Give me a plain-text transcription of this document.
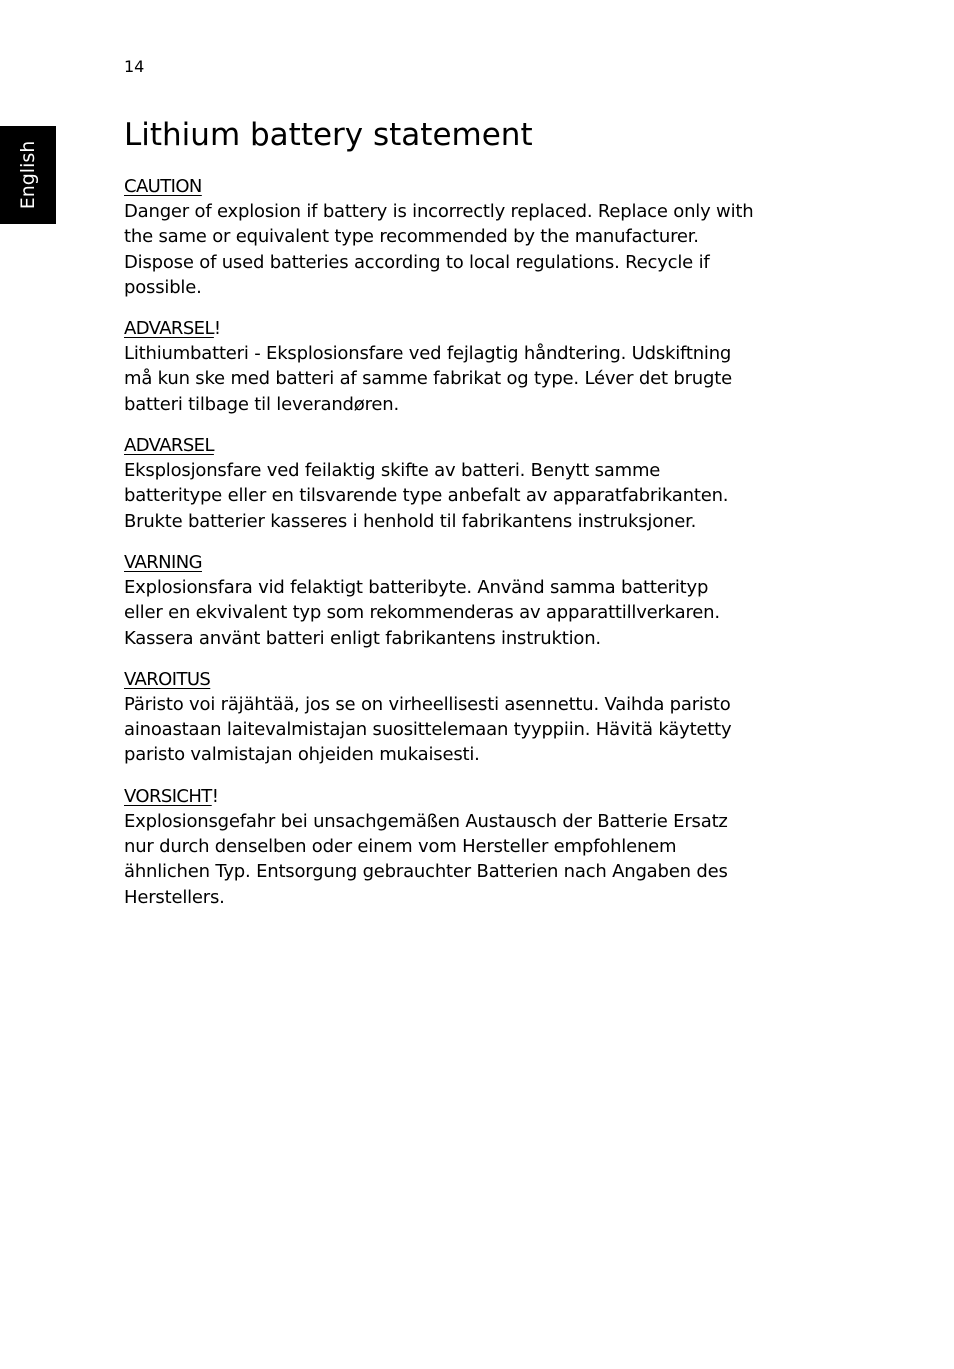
14
English
Lithium battery statement
CAUTION

Danger of explosion if battery is incorrectly replaced. Replace only with
the same or equivalent type recommended by the manufacturer.
Dispose of used batteries according to local regulations. Recycle if
possible.

ADVARSEL!

Lithiumbatteri - Eksplosionsfare ved fejlagtig håndtering. Udskiftning
må kun ske med batteri af samme fabrikat og type. Léver det brugte
batteri tilbage til leverandøren.

ADVARSEL

Eksplosjonsfare ved feilaktig skifte av batteri. Benytt samme
batteritype eller en tilsvarende type anbefalt av apparatfabrikanten.
Brukte batterier kasseres i henhold til fabrikantens instruksjoner.

VARNING

Explosionsfara vid felaktigt batteribyte. Använd samma batterityp
eller en ekvivalent typ som rekommenderas av apparattillverkaren.
Kassera använt batteri enligt fabrikantens instruktion.

VAROITUS

Päristo voi räjähtää, jos se on virheellisesti asennettu. Vaihda paristo
ainoastaan laitevalmistajan suosittelemaan tyyppiin. Hävitä käytetty
paristo valmistajan ohjeiden mukaisesti.

VORSICHT!

Explosionsgefahr bei unsachgemäßen Austausch der Batterie Ersatz
nur durch denselben oder einem vom Hersteller empfohlenem
ähnlichen Typ. Entsorgung gebrauchter Batterien nach Angaben des
Herstellers.
